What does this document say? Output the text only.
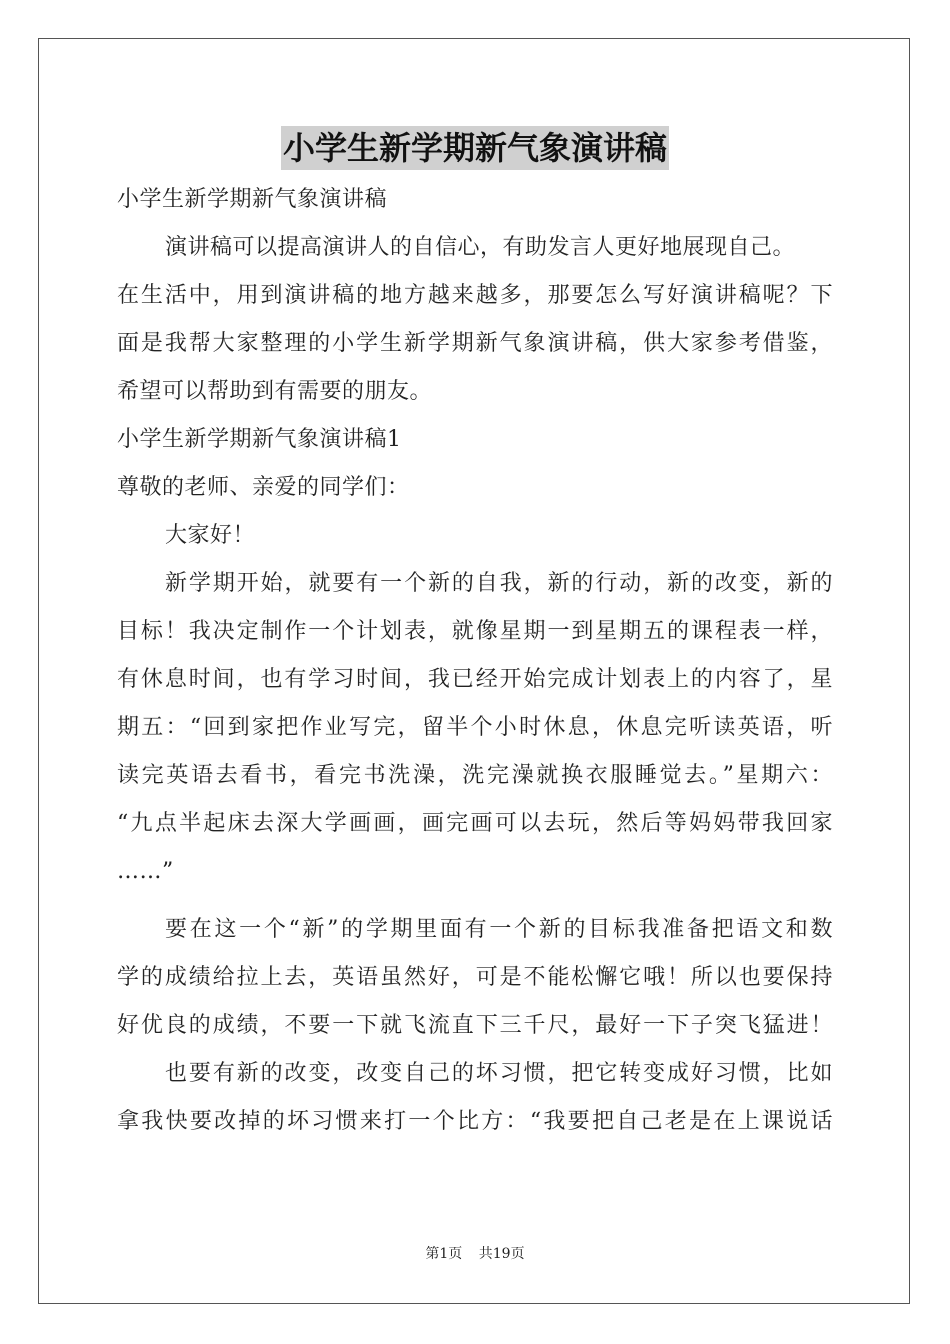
小学生新学期新气象演讲稿
小学生新学期新气象演讲稿
演讲稿可以提高演讲人的自信心，有助发言人更好地展现自己。
在生活中，用到演讲稿的地方越来越多，那要怎么写好演讲稿呢？下
面是我帮大家整理的小学生新学期新气象演讲稿，供大家参考借鉴，
希望可以帮助到有需要的朋友。
小学生新学期新气象演讲稿1
尊敬的老师、亲爱的同学们：
大家好！
新学期开始，就要有一个新的自我，新的行动，新的改变，新的
目标！我决定制作一个计划表，就像星期一到星期五的课程表一样，
有休息时间，也有学习时间，我已经开始完成计划表上的内容了，星
期五：“回到家把作业写完，留半个小时休息，休息完听读英语，听
读完英语去看书，看完书洗澡，洗完澡就换衣服睡觉去。”星期六：
“九点半起床去深大学画画，画完画可以去玩，然后等妈妈带我回家
……”
要在这一个“新”的学期里面有一个新的目标我准备把语文和数
学的成绩给拉上去，英语虽然好，可是不能松懈它哦！所以也要保持
好优良的成绩，不要一下就飞流直下三千尺，最好一下子突飞猛进！
也要有新的改变，改变自己的坏习惯，把它转变成好习惯，比如
拿我快要改掉的坏习惯来打一个比方：“我要把自己老是在上课说话
第1页 共19页
